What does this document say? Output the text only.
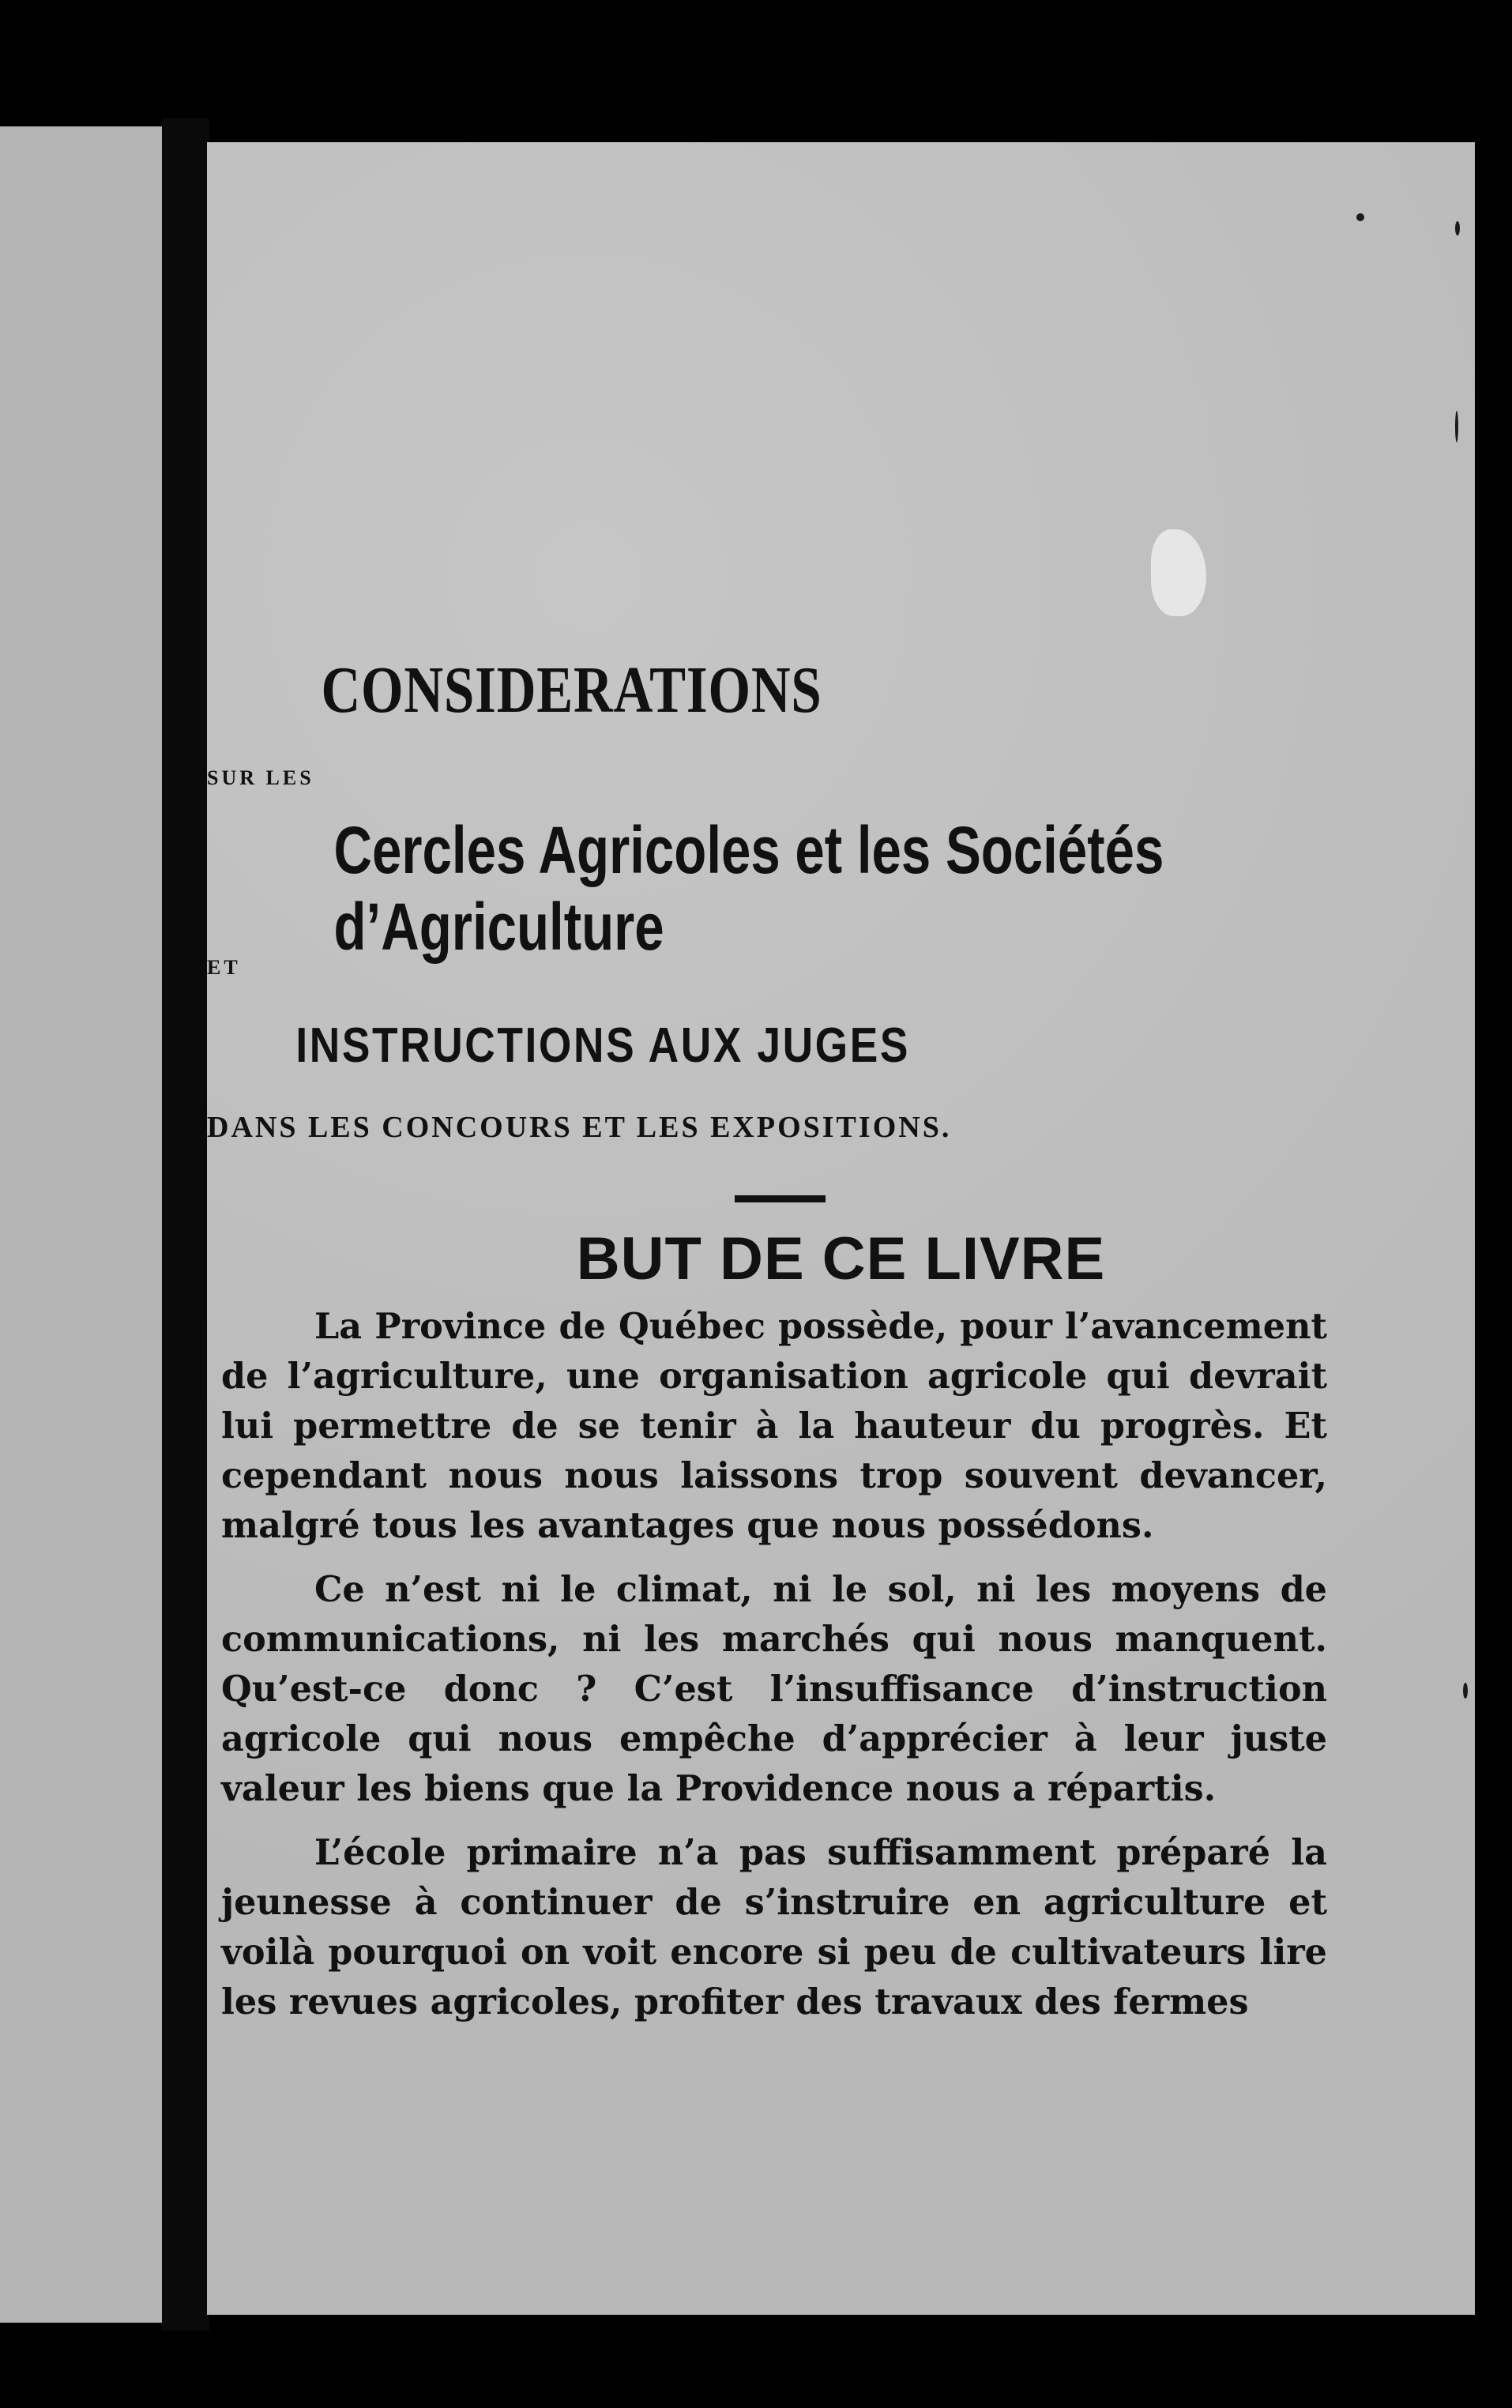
CONSIDERATIONS
SUR LES
Cercles Agricoles et les Sociétés d’Agriculture
ET
INSTRUCTIONS AUX JUGES
DANS LES CONCOURS ET LES EXPOSITIONS.
BUT DE CE LIVRE

La Province de Québec possède, pour l’avancement de l’agriculture, une organisation agricole qui devrait lui permettre de se tenir à la hauteur du progrès. Et cependant nous nous laissons trop souvent devancer, malgré tous les avantages que nous possédons.

Ce n’est ni le climat, ni le sol, ni les moyens de communications, ni les marchés qui nous manquent. Qu’est-ce donc ? C’est l’insuffisance d’instruction agricole qui nous empêche d’apprécier à leur juste valeur les biens que la Providence nous a répartis.

L’école primaire n’a pas suffisamment préparé la jeunesse à continuer de s’instruire en agriculture et voilà pourquoi on voit encore si peu de cultivateurs lire les revues agricoles, profiter des travaux des fermes
